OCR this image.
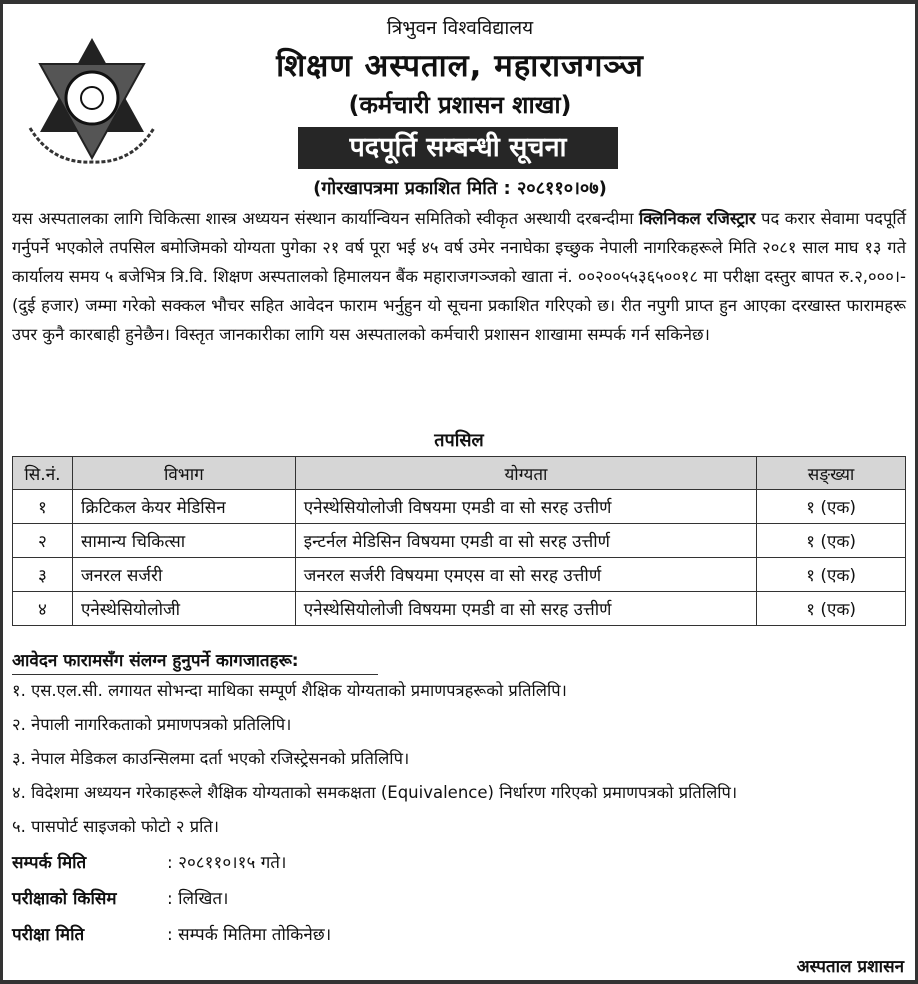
त्रिभुवन विश्वविद्यालय
शिक्षण अस्पताल, महाराजगञ्ज
(कर्मचारी प्रशासन शाखा)
पदपूर्ति सम्बन्धी सूचना
(गोरखापत्रमा प्रकाशित मिति : २०८११०।०७)
यस अस्पतालका लागि चिकित्सा शास्त्र अध्ययन संस्थान कार्यान्वियन समितिको स्वीकृत अस्थायी दरबन्दीमा क्लिनिकल रजिस्ट्रार पद करार सेवामा पदपूर्ति गर्नुपर्ने भएकोले तपसिल बमोजिमको योग्यता पुगेका २१ वर्ष पूरा भई ४५ वर्ष उमेर ननाघेका इच्छुक नेपाली नागरिकहरूले मिति २०८१ साल माघ १३ गते कार्यालय समय ५ बजेभित्र त्रि.वि. शिक्षण अस्पतालको हिमालयन बैंक महाराजगञ्जको खाता नं. ००२००५५३६५००१८ मा परीक्षा दस्तुर बापत रु.२,०००।- (दुई हजार) जम्मा गरेको सक्कल भौचर सहित आवेदन फाराम भर्नुहुन यो सूचना प्रकाशित गरिएको छ। रीत नपुगी प्राप्त हुन आएका दरखास्त फारामहरू उपर कुनै कारबाही हुनेछैन। विस्तृत जानकारीका लागि यस अस्पतालको कर्मचारी प्रशासन शाखामा सम्पर्क गर्न सकिनेछ।
तपसिल
सि.नं.	विभाग	योग्यता	सङ्ख्या
१	क्रिटिकल केयर मेडिसिन	एनेस्थेसियोलोजी विषयमा एमडी वा सो सरह उत्तीर्ण	१ (एक)
२	सामान्य चिकित्सा	इन्टर्नल मेडिसिन विषयमा एमडी वा सो सरह उत्तीर्ण	१ (एक)
३	जनरल सर्जरी	जनरल सर्जरी विषयमा एमएस वा सो सरह उत्तीर्ण	१ (एक)
४	एनेस्थेसियोलोजी	एनेस्थेसियोलोजी विषयमा एमडी वा सो सरह उत्तीर्ण	१ (एक)
आवेदन फारामसँग संलग्न हुनुपर्ने कागजातहरू:
१. एस.एल.सी. लगायत सोभन्दा माथिका सम्पूर्ण शैक्षिक योग्यताको प्रमाणपत्रहरूको प्रतिलिपि।
२. नेपाली नागरिकताको प्रमाणपत्रको प्रतिलिपि।
३. नेपाल मेडिकल काउन्सिलमा दर्ता भएको रजिस्ट्रेसनको प्रतिलिपि।
४. विदेशमा अध्ययन गरेकाहरूले शैक्षिक योग्यताको समकक्षता (Equivalence) निर्धारण गरिएको प्रमाणपत्रको प्रतिलिपि।
५. पासपोर्ट साइजको फोटो २ प्रति।
सम्पर्क मिति	: २०८११०।१५ गते।
परीक्षाको किसिम	: लिखित।
परीक्षा मिति	: सम्पर्क मितिमा तोकिनेछ।
अस्पताल प्रशासन
